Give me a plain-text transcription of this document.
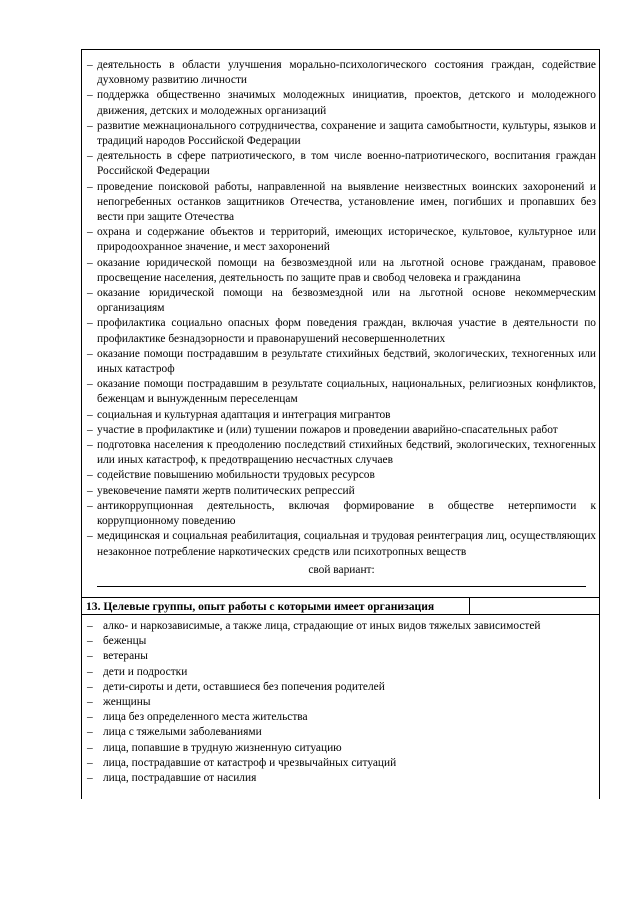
– деятельность в области улучшения морально-психологического состояния граждан, содействие духовному развитию личности
– поддержка общественно значимых молодежных инициатив, проектов, детского и молодежного движения, детских и молодежных организаций
– развитие межнационального сотрудничества, сохранение и защита самобытности, культуры, языков и традиций народов Российской Федерации
– деятельность в сфере патриотического, в том числе военно-патриотического, воспитания граждан Российской Федерации
– проведение поисковой работы, направленной на выявление неизвестных воинских захоронений и непогребенных останков защитников Отечества, установление имен, погибших и пропавших без вести при защите Отечества
– охрана и содержание объектов и территорий, имеющих историческое, культовое, культурное или природоохранное значение, и мест захоронений
– оказание юридической помощи на безвозмездной или на льготной основе гражданам, правовое просвещение населения, деятельность по защите прав и свобод человека и гражданина
– оказание юридической помощи на безвозмездной или на льготной основе некоммерческим организациям
– профилактика социально опасных форм поведения граждан, включая участие в деятельности по профилактике безнадзорности и правонарушений несовершеннолетних
– оказание помощи пострадавшим в результате стихийных бедствий, экологических, техногенных или иных катастроф
– оказание помощи пострадавшим в результате социальных, национальных, религиозных конфликтов, беженцам и вынужденным переселенцам
– социальная и культурная адаптация и интеграция мигрантов
– участие в профилактике и (или) тушении пожаров и проведении аварийно-спасательных работ
– подготовка населения к преодолению последствий стихийных бедствий, экологических, техногенных или иных катастроф, к предотвращению несчастных случаев
– содействие повышению мобильности трудовых ресурсов
– увековечение памяти жертв политических репрессий
– антикоррупционная деятельность, включая формирование в обществе нетерпимости к коррупционному поведению
– медицинская и социальная реабилитация, социальная и трудовая реинтеграция лиц, осуществляющих незаконное потребление наркотических средств или психотропных веществ
свой вариант:
13. Целевые группы, опыт работы с которыми имеет организация
– алко- и наркозависимые, а также лица, страдающие от иных видов тяжелых зависимостей
– беженцы
– ветераны
– дети и подростки
– дети-сироты и дети, оставшиеся без попечения родителей
– женщины
– лица без определенного места жительства
– лица с тяжелыми заболеваниями
– лица, попавшие в трудную жизненную ситуацию
– лица, пострадавшие от катастроф и чрезвычайных ситуаций
– лица, пострадавшие от насилия
